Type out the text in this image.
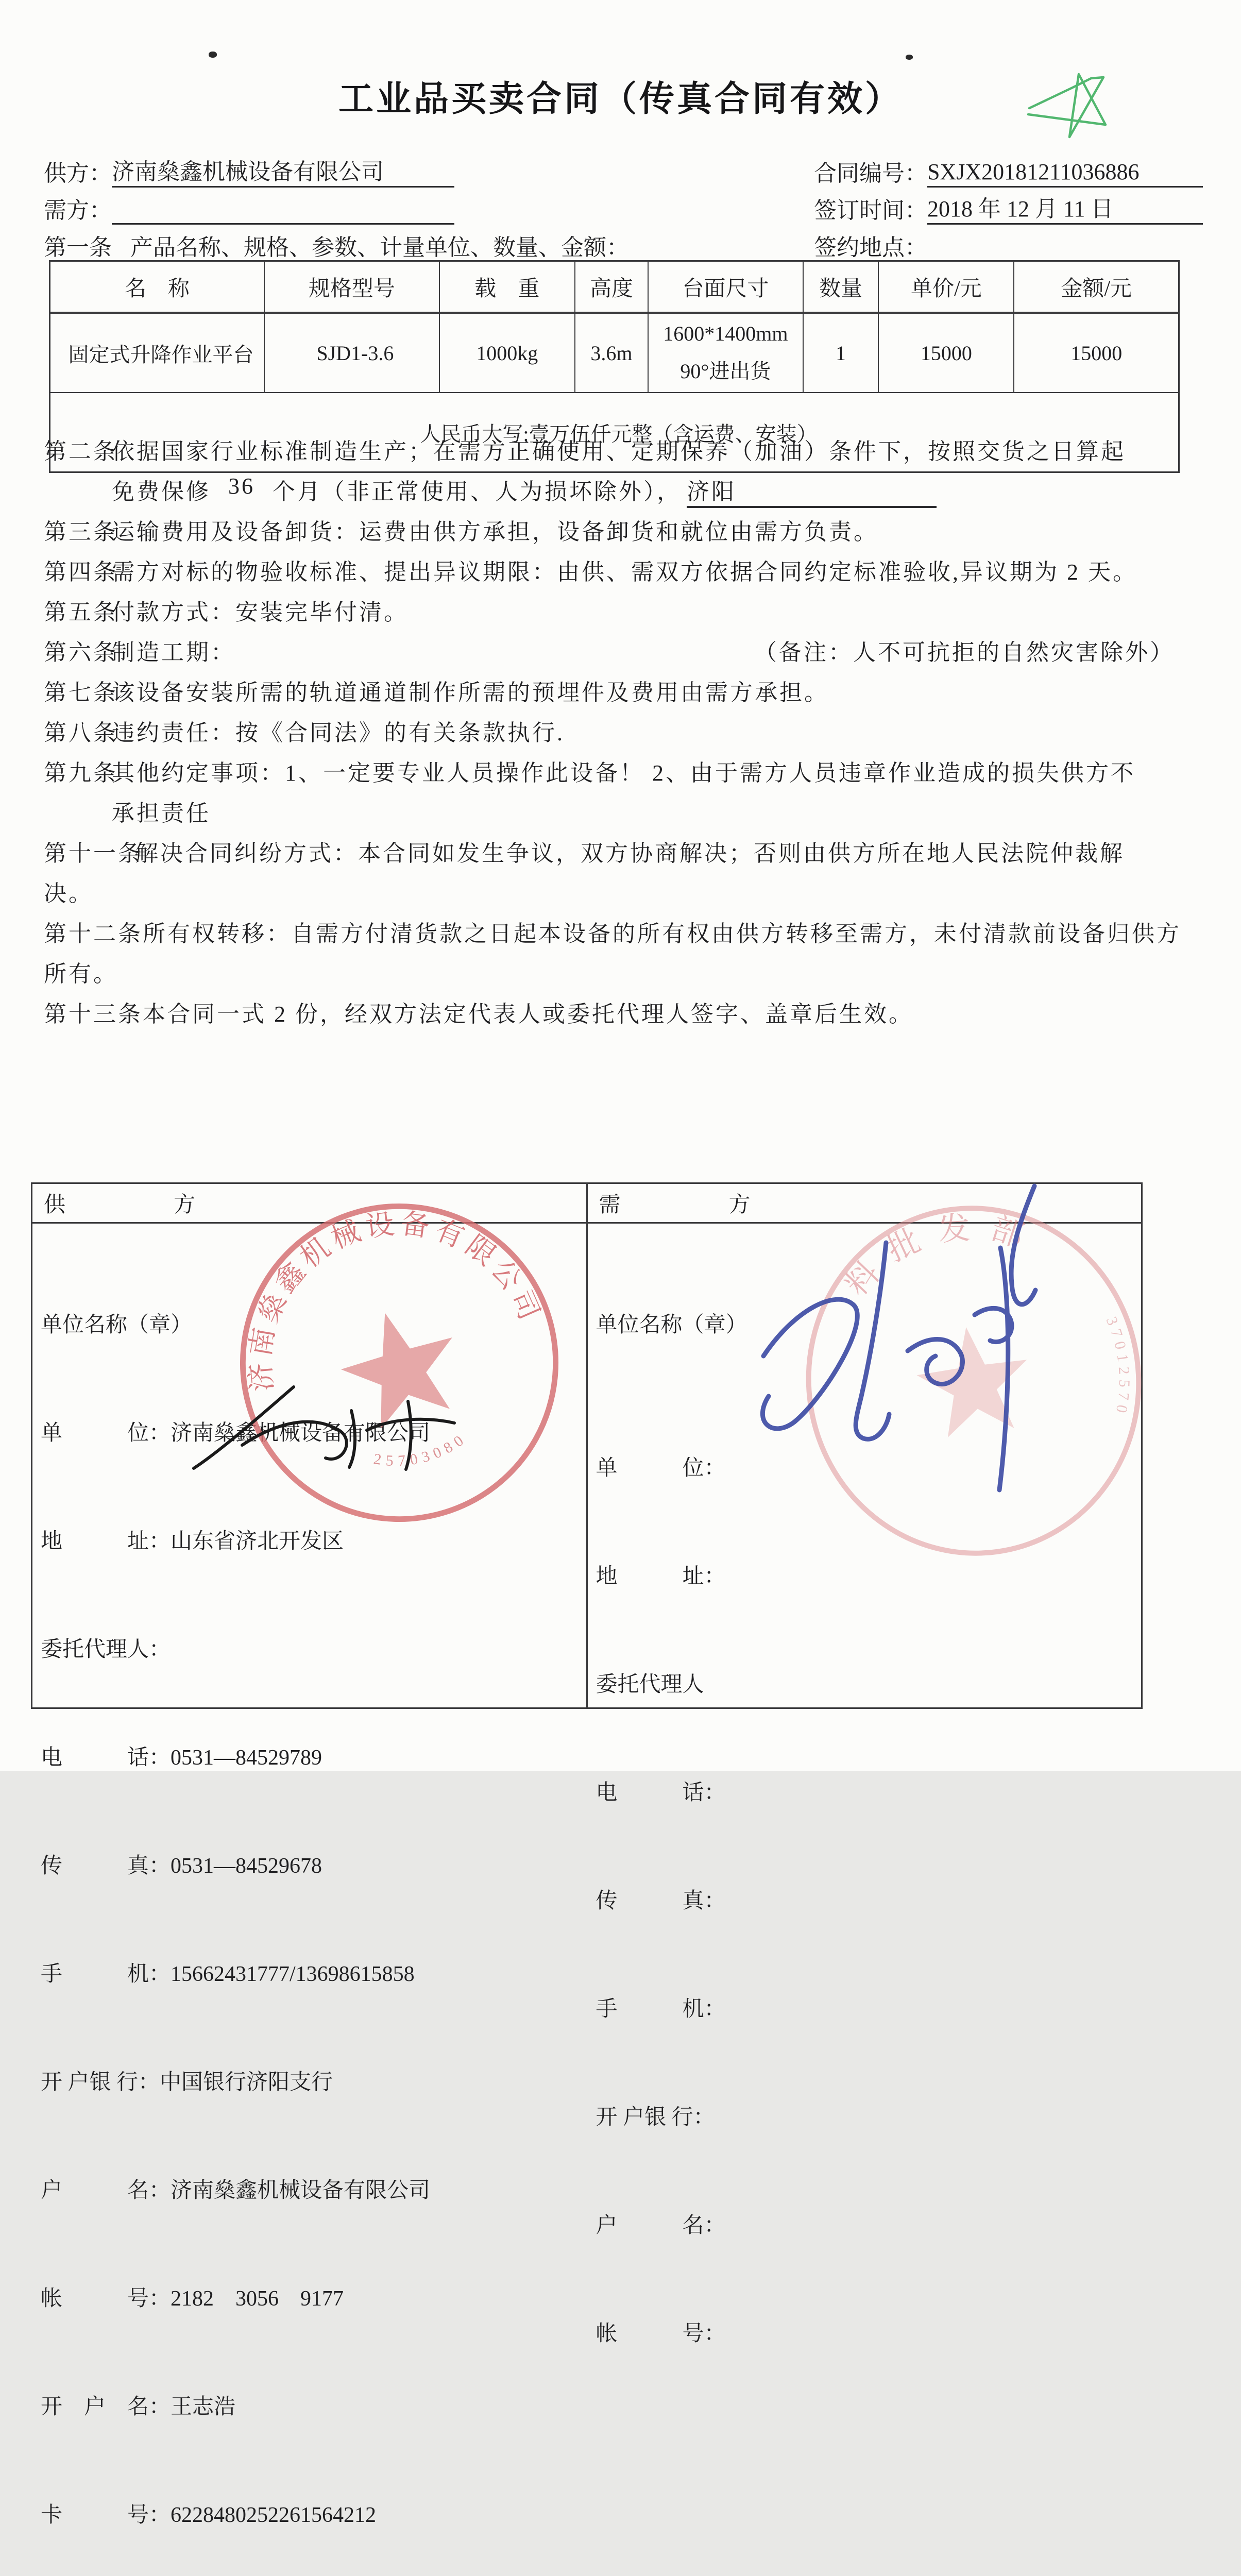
工业品买卖合同（传真合同有效）
供方： 济南燊鑫机械设备有限公司	合同编号： SXJX20181211036886
需方：	签订时间： 2018 年 12 月 11 日
第一条 产品名称、规格、参数、计量单位、数量、金额：	签约地点：
名　称	规格型号	载　重	高度	台面尺寸	数量	单价/元	金额/元
固定式升降作业平台	SJD1-3.6	1000kg	3.6m	1600*1400mm
90°进出货	1	15000	15000
人民币大写:壹万伍仟元整（含运费、安装）							
第二条
依据国家行业标准制造生产；在需方正确使用、定期保养（加油）条件下，按照交货之日算起
免费保修 36 个月（非正常使用、人为损坏除外）， 济阳
第三条
运输费用及设备卸货：运费由供方承担，设备卸货和就位由需方负责。
第四条
需方对标的物验收标准、提出异议期限：由供、需双方依据合同约定标准验收,异议期为 2 天。
第五条
付款方式：安装完毕付清。
第六条
制造工期：	（备注：人不可抗拒的自然灾害除外）
第七条
该设备安装所需的轨道通道制作所需的预埋件及费用由需方承担。
第八条
违约责任：按《合同法》的有关条款执行.
第九条
其他约定事项：1、一定要专业人员操作此设备！ 2、由于需方人员违章作业造成的损失供方不
承担责任
第十一条
解决合同纠纷方式：本合同如发生争议，双方协商解决；否则由供方所在地人民法院仲裁解
决。
第十二条所有权转移：自需方付清货款之日起本设备的所有权由供方转移至需方，未付清款前设备归供方
所有。
第十三条本合同一式 2 份，经双方法定代表人或委托代理人签字、盖章后生效。
供　　　　　方

单位名称（章）

单　　　位：济南燊鑫机械设备有限公司

地　　　址：山东省济北开发区

委托代理人：

电　　　话：0531—84529789

传　　　真：0531—84529678

手　　　机：15662431777/13698615858

开 户银 行：中国银行济阳支行

户　　　名：济南燊鑫机械设备有限公司

帐　　　号：2182　3056　9177

开　户　名：王志浩

卡　　　号：6228480252261564212

需　　　　　方

单位名称（章）

单　　　位：

地　　　址：

委托代理人

电　　　话：

传　　　真：

手　　　机：

开 户银 行：

户　　　名：

帐　　　号：

济南燊鑫机械设备有限公司
25703080
料批发部
37012570
